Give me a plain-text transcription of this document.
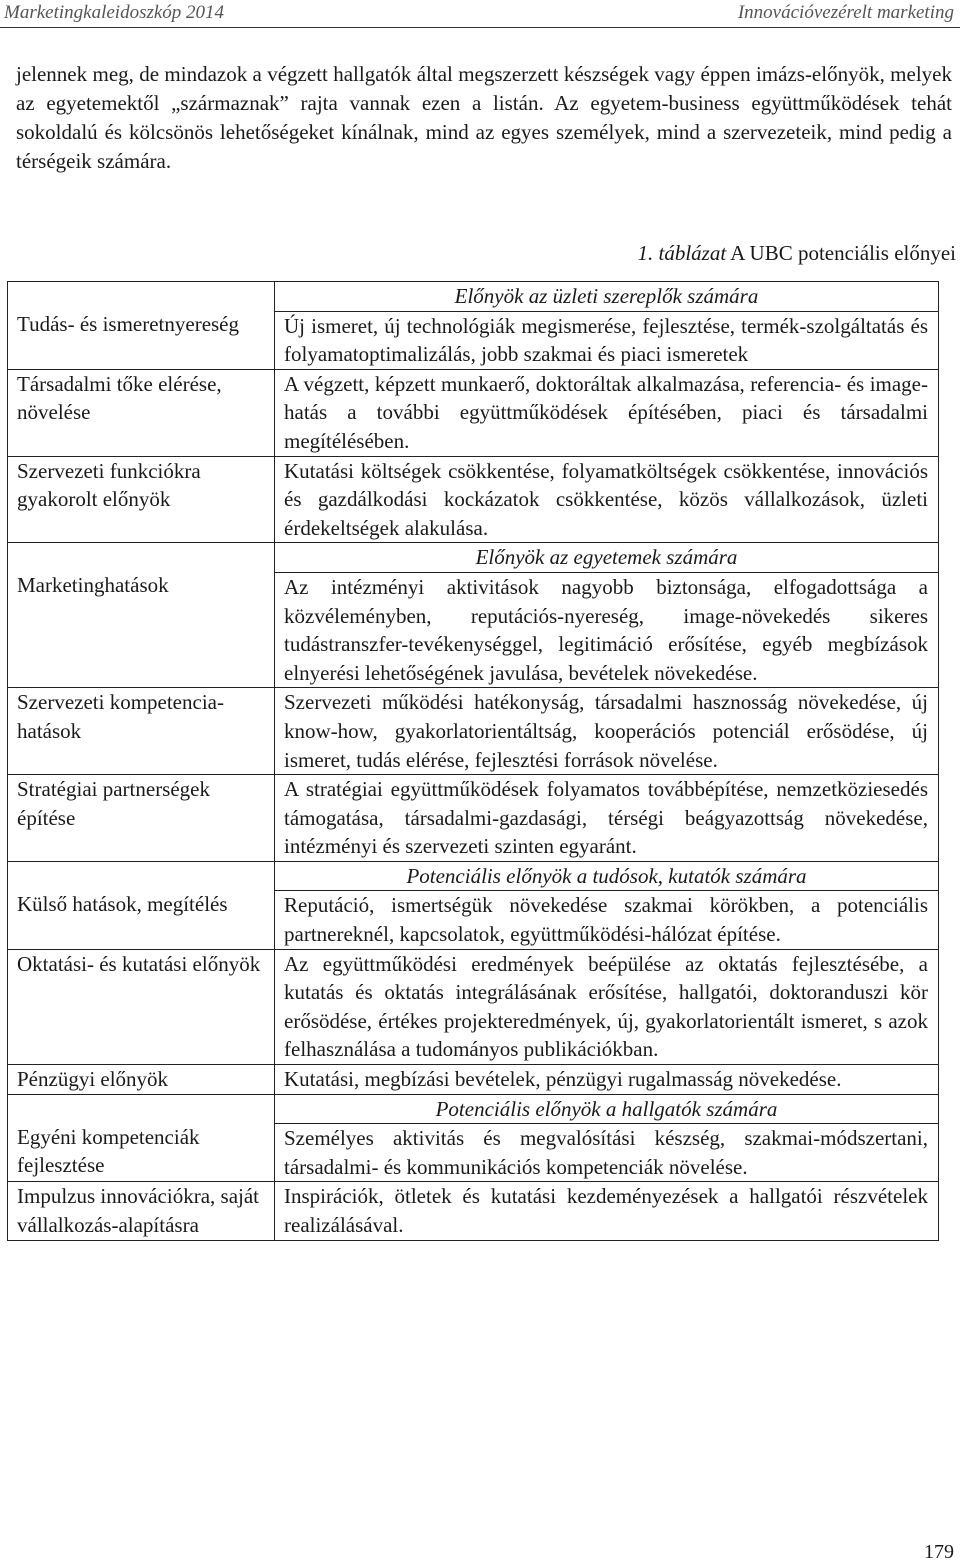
Marketingkaleidoszkóp 2014	Innovációvezérelt marketing

jelennek meg, de mindazok a végzett hallgatók által megszerzett készségek vagy éppen imázs-előnyök, melyek az egyetemektől „származnak” rajta vannak ezen a listán. Az egyetem-business együttműködések tehát sokoldalú és kölcsönös lehetőségeket kínálnak, mind az egyes személyek, mind a szervezeteik, mind pedig a térségeik számára.

1. táblázat A UBC potenciális előnyei

Tudás- és ismeretnyereség	Előnyök az üzleti szereplők számára
	Új ismeret, új technológiák megismerése, fejlesztése, termék-szolgáltatás és folyamatoptimalizálás, jobb szakmai és piaci ismeretek
Társadalmi tőke elérése, növelése	A végzett, képzett munkaerő, doktoráltak alkalmazása, referencia- és image-hatás a további együttműködések építésében, piaci és társadalmi megítélésében.
Szervezeti funkciókra gyakorolt előnyök	Kutatási költségek csökkentése, folyamatköltségek csökkentése, innovációs és gazdálkodási kockázatok csökkentése, közös vállalkozások, üzleti érdekeltségek alakulása.

Marketinghatások	Előnyök az egyetemek számára
	Az intézményi aktivitások nagyobb biztonsága, elfogadottsága a közvéleményben, reputációs-nyereség, image-növekedés sikeres tudástranszfer-tevékenységgel, legitimáció erősítése, egyéb megbízások elnyerési lehetőségének javulása, bevételek növekedése.
Szervezeti kompetencia-hatások	Szervezeti működési hatékonyság, társadalmi hasznosság növekedése, új know-how, gyakorlatorientáltság, kooperációs potenciál erősödése, új ismeret, tudás elérése, fejlesztési források növelése.
Stratégiai partnerségek építése	A stratégiai együttműködések folyamatos továbbépítése, nemzetköziesedés támogatása, társadalmi-gazdasági, térségi beágyazottság növekedése, intézményi és szervezeti szinten egyaránt.

Külső hatások, megítélés	Potenciális előnyök a tudósok, kutatók számára
	Reputáció, ismertségük növekedése szakmai körökben, a potenciális partnereknél, kapcsolatok, együttműködési-hálózat építése.
Oktatási- és kutatási előnyök	Az együttműködési eredmények beépülése az oktatás fejlesztésébe, a kutatás és oktatás integrálásának erősítése, hallgatói, doktoranduszi kör erősödése, értékes projekteredmények, új, gyakorlatorientált ismeret, s azok felhasználása a tudományos publikációkban.
Pénzügyi előnyök	Kutatási, megbízási bevételek, pénzügyi rugalmasság növekedése.

Egyéni kompetenciák fejlesztése	Potenciális előnyök a hallgatók számára
	Személyes aktivitás és megvalósítási készség, szakmai-módszertani, társadalmi- és kommunikációs kompetenciák növelése.
Impulzus innovációkra, saját vállalkozás-alapításra	Inspirációk, ötletek és kutatási kezdeményezések a hallgatói részvételek realizálásával.
179
